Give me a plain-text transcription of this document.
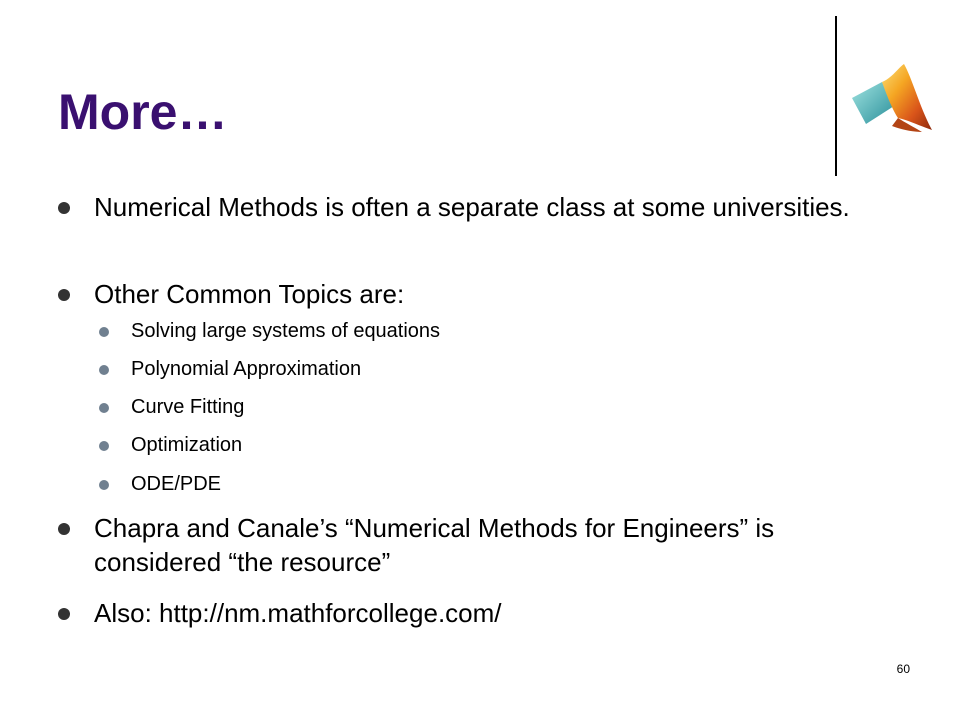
More…
Numerical Methods is often a separate class at some universities.
Other Common Topics are:
Solving large systems of equations
Polynomial Approximation
Curve Fitting
Optimization
ODE/PDE
Chapra and Canale’s “Numerical Methods for Engineers” is considered “the resource”
Also: http://nm.mathforcollege.com/
60
